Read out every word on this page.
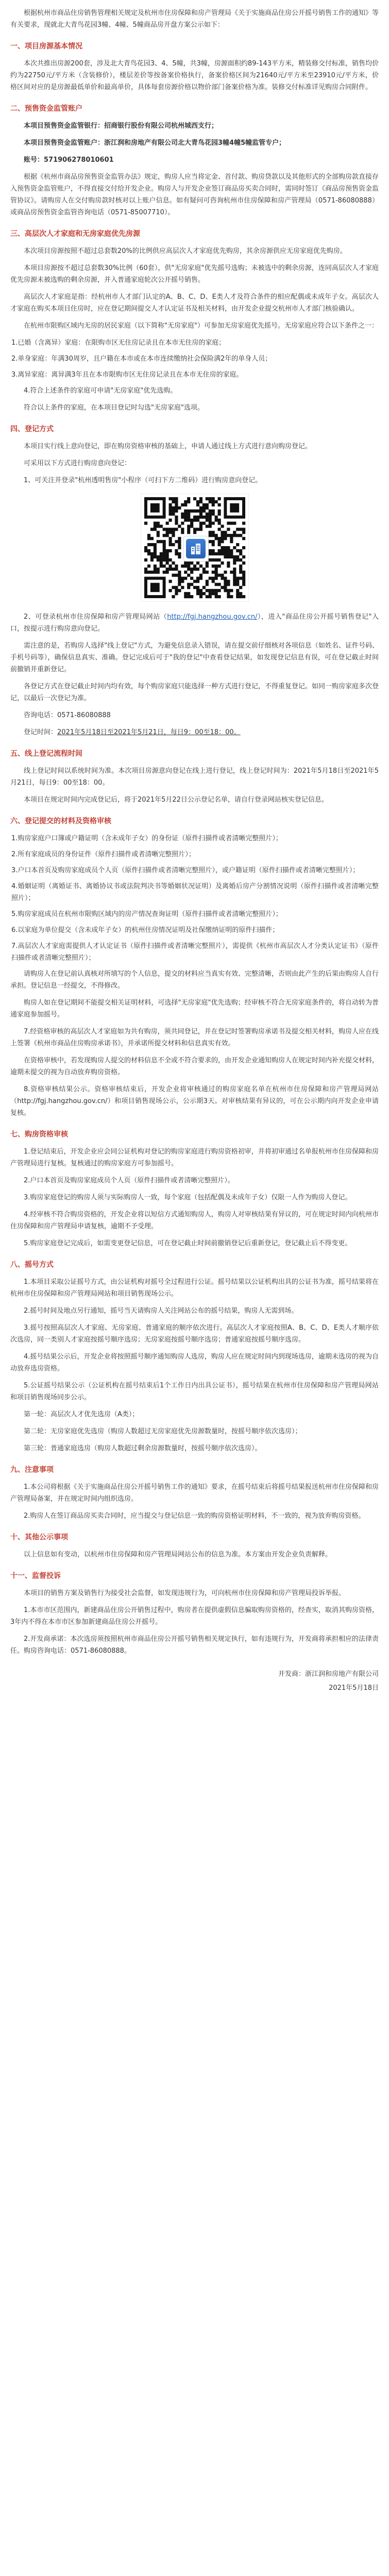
根据杭州市商品住房销售管理相关规定及杭州市住房保障和房产管理局《关于实施商品住房公开摇号销售工作的通知》等有关要求，现就北大青鸟花园3幢、4幢、5幢商品房开盘方案公示如下：

一、项目房源基本情况

本次共推出房源200套，涉及北大青鸟花园3、4、5幢，共3幢，房源面积约89-143平方米，精装修交付标准，销售均价约为22750元/平方米（含装修价），楼层差价等按备案价格执行，备案价格区间为21640元/平方米至23910元/平方米，价格区间对应的是房源最低单价和最高单价，具体每套房源价格以物价部门备案价格为准。装修交付标准详见购房合同附件。

二、预售资金监管账户

本项目预售资金监管银行：招商银行股份有限公司杭州城西支行；

本项目预售资金监管账户：浙江润和房地产有限公司北大青鸟花园3幢4幢5幢监管专户；

账号：571906278010601

根据《杭州市商品房预售资金监管办法》规定，购房人应当将定金、首付款、购房贷款以及其他形式的全部购房款直接存入预售资金监管账户，不得直接交付给开发企业。购房人与开发企业签订商品房买卖合同时，需同时签订《商品房预售资金监管协议》。请购房人在交付购房款时核对以上账户信息。如有疑问可咨询杭州市住房保障和房产管理局（0571-86080888）或商品房预售资金监管咨询电话（0571-85007710）。

三、高层次人才家庭和无房家庭优先房源

本次项目房源按照不超过总套数20%的比例供应高层次人才家庭优先购房，其余房源供应无房家庭优先购房。

本项目房源按不超过总套数30%比例（60套），供"无房家庭"优先摇号选购；未被选中的剩余房源，连同高层次人才家庭优先房源未被选购的剩余房源，并入普通家庭轮次公开摇号销售。

高层次人才家庭是指：经杭州市人才部门认定的A、B、C、D、E类人才及符合条件的相应配偶或未成年子女。高层次人才家庭在购买本项目住房时，应在登记期间提交人才认定证书及相关材料，由开发企业提交杭州市人才部门核验确认。

在杭州市限购区域内无房的居民家庭（以下简称"无房家庭"）可参加无房家庭优先摇号。无房家庭应符合以下条件之一：

1.已婚（含离异）家庭：在限购市区无住房记录且在本市无住房的家庭；

2.单身家庭：年满30周岁，且户籍在本市或在本市连续缴纳社会保险满2年的单身人员；

3.离异家庭：离异满3年且在本市限购市区无住房记录且在本市无住房的家庭。

4.符合上述条件的家庭可申请"无房家庭"优先选购。

符合以上条件的家庭，在本项目登记时勾选"无房家庭"选项。

四、登记方式

本项目实行线上意向登记，即在购房资格审核的基础上，申请人通过线上方式进行意向购房登记。

可采用以下方式进行购房意向登记：

1、可关注并登录"杭州透明售房"小程序（可扫下方二维码）进行购房意向登记。

2、可登录杭州市住房保障和房产管理局网站（http://fgj.hangzhou.gov.cn/），进入"商品住房公开摇号销售登记"入口，按提示进行购房意向登记。

需注意的是，若购房人选择"线上登记"方式，为避免信息录入错误，请在提交前仔细核对各项信息（如姓名、证件号码、手机号码等），确保信息真实、准确。登记完成后可于"我的登记"中查看登记结果，如发现登记信息有误，可在登记截止时间前撤销并重新登记。

各登记方式在登记截止时间内均有效，每个购房家庭只能选择一种方式进行登记，不得重复登记。如同一购房家庭多次登记，以最后一次登记为准。

咨询电话：0571-86080888

登记时间：2021年5月18日至2021年5月21日，每日9：00至18：00。

五、线上登记流程时间

线上登记时间以系统时间为准。本次项目房源意向登记在线上进行登记，线上登记时间为：2021年5月18日至2021年5月21日，每日9：00至18：00。

本项目在规定时间内完成登记后，将于2021年5月22日公示登记名单，请自行登录网站核实登记信息。

六、登记提交的材料及资格审核

1.购房家庭户口簿或户籍证明（含未成年子女）的身份证（原件扫描件或者清晰完整照片）；

2.所有家庭成员的身份证件（原件扫描件或者清晰完整照片）；

3.户口本首页及购房家庭成员个人页（原件扫描件或者清晰完整照片），或户籍证明（原件扫描件或者清晰完整照片）；

4.婚姻证明（离婚证书、离婚协议书或法院判决书等婚姻状况证明）及离婚后房产分割情况说明（原件扫描件或者清晰完整照片）；

5.购房家庭成员在杭州市限购区域内的房产情况查询证明（原件扫描件或者清晰完整照片）；

6.以家庭为单位提交（含未成年子女）的杭州住房情况证明及社保缴纳证明的原件扫描件；

7.高层次人才家庭需提供人才认定证书（原件扫描件或者清晰完整照片），需提供《杭州市高层次人才分类认定证书》（原件扫描件或者清晰完整照片）；

请购房人在登记前认真核对所填写的个人信息，提交的材料应当真实有效、完整清晰，否则由此产生的后果由购房人自行承担。登记信息一经提交，不得修改。

购房人如在登记期间不能提交相关证明材料，可选择"无房家庭"优先选购；经审核不符合无房家庭条件的，将自动转为普通家庭参加摇号。

7.经资格审核的高层次人才家庭如为共有购房，须共同登记，并在登记时签署购房承诺书及提交相关材料，购房人应在线上签署《杭州市商品住房购房承诺书》，并承诺所提交材料和信息真实有效。

在资格审核中，若发现购房人提交的材料信息不全或不符合要求的，由开发企业通知购房人在规定时间内补充提交材料，逾期未提交的视为自动放弃购房资格。

8.资格审核结果公示。资格审核结束后，开发企业将审核通过的购房家庭名单在杭州市住房保障和房产管理局网站（http://fgj.hangzhou.gov.cn/）和项目销售现场公示，公示期3天。对审核结果有异议的，可在公示期内向开发企业申请复核。

七、购房资格审核

1.登记结束后，开发企业应会同公证机构对登记的购房家庭进行购房资格初审，并将初审通过名单报杭州市住房保障和房产管理局进行复核。复核通过的购房家庭方可参加摇号。

2.户口本首页及购房家庭成员个人页（原件扫描件或者清晰完整照片）。

3.购房家庭登记的购房人须与实际购房人一致，每个家庭（包括配偶及未成年子女）仅限一人作为购房人登记。

4.经审核不符合购房资格的，开发企业将以短信方式通知购房人，购房人对审核结果有异议的，可在规定时间内向杭州市住房保障和房产管理局申请复核，逾期不予受理。

5.购房家庭登记完成后，如需变更登记信息，可在登记截止时间前撤销登记后重新登记，登记截止后不得变更。

八、摇号方式

1.本项目采取公证摇号方式，由公证机构对摇号全过程进行公证。摇号结果以公证机构出具的公证书为准，摇号结果将在杭州市住房保障和房产管理局网站和项目销售现场公示。

2.摇号时间及地点另行通知，摇号当天请购房人关注网站公布的摇号结果，购房人无需到场。

3.摇号按照高层次人才家庭、无房家庭、普通家庭的顺序依次进行。高层次人才家庭按照A、B、C、D、E类人才顺序依次选房，同一类别人才家庭按摇号顺序选房；无房家庭按摇号顺序选房；普通家庭按摇号顺序选房。

4.摇号结果公示后，开发企业将按照摇号顺序通知购房人选房，购房人应在规定时间内到现场选房，逾期未选房的视为自动放弃选房资格。

5.公证摇号结果公示（公证机构在摇号结束后1个工作日内出具公证书），摇号结果在杭州市住房保障和房产管理局网站和项目销售现场同步公示。

第一轮：高层次人才优先选房（A类）；

第二轮：无房家庭优先选房（购房人数超过无房家庭优先房源数量时，按摇号顺序依次选房）；

第三轮：普通家庭选房（购房人数超过剩余房源数量时，按摇号顺序依次选房）。

九、注意事项

1.本公司将根据《关于实施商品住房公开摇号销售工作的通知》要求，在摇号结束后将摇号结果报送杭州市住房保障和房产管理局备案，并在规定时间内组织选房。

2.购房人在签订商品房买卖合同时，应当提交与登记信息一致的购房资格证明材料，不一致的，视为放弃购房资格。

十、其他公示事项

以上信息如有变动，以杭州市住房保障和房产管理局网站公布的信息为准。本方案由开发企业负责解释。

十一、监督投诉

本项目的销售方案及销售行为接受社会监督，如发现违规行为，可向杭州市住房保障和房产管理局投诉举报。

1.本市市区范围内，新建商品住房公开销售过程中，购房者在提供虚假信息骗取购房资格的，经查实，取消其购房资格，3年内不得在本市市区参加新建商品住房公开摇号。

2.开发商承诺：本次选房须按照杭州市商品住房公开摇号销售相关规定执行，如有违规行为，开发商将承担相应的法律责任。购房咨询电话：0571-86080888。

开发商：浙江润和房地产有限公司

2021年5月18日
